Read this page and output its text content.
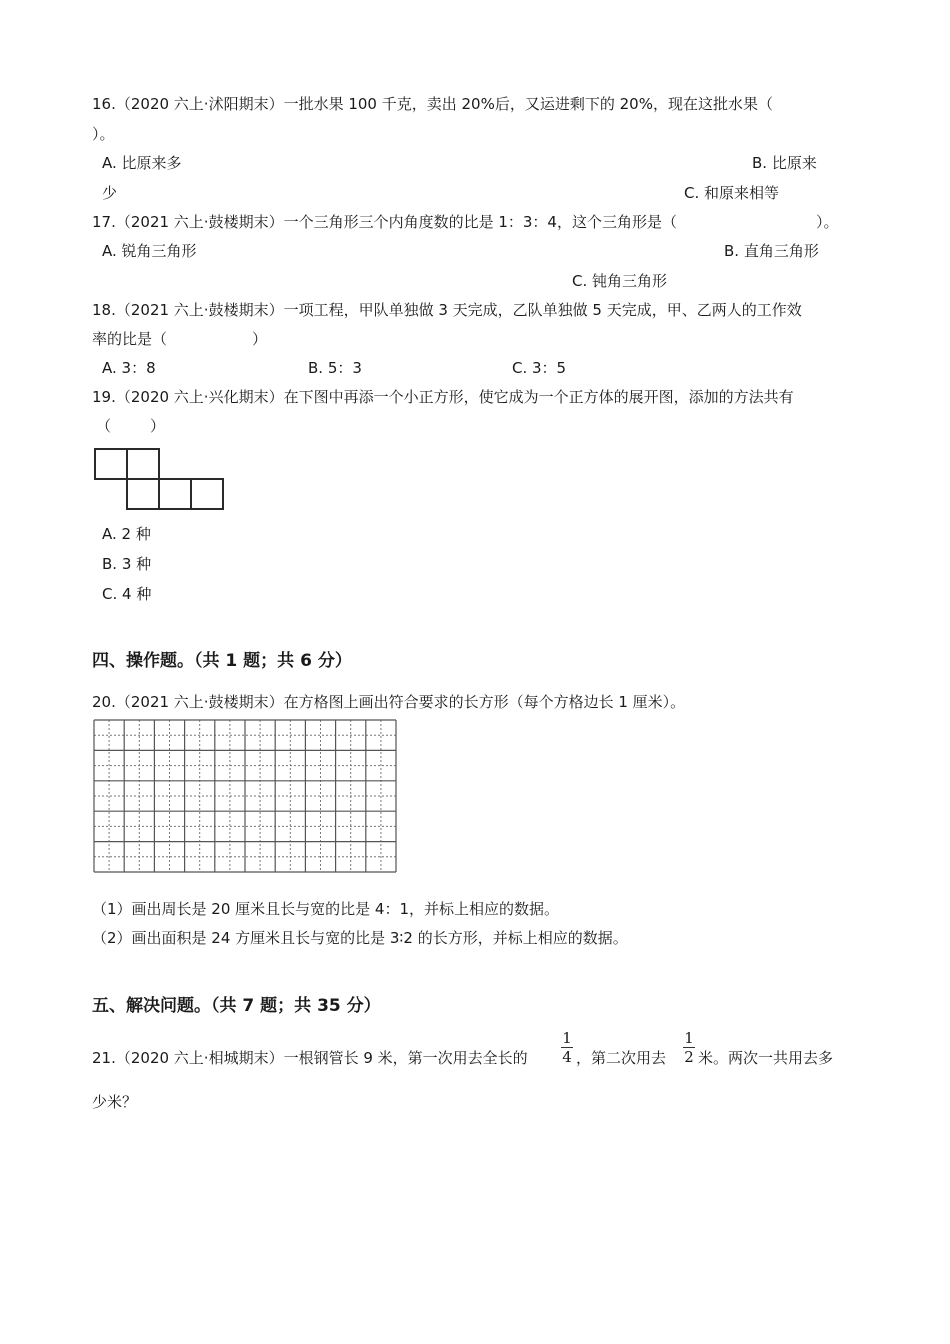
16.（2020 六上·沭阳期末）一批水果 100 千克，卖出 20%后，又运进剩下的 20%，现在这批水果（
）。
A. 比原来多	B. 比原来
少	C. 和原来相等
17.（2021 六上·鼓楼期末）一个三角形三个内角度数的比是 1：3：4，这个三角形是（	）。
A. 锐角三角形	B. 直角三角形
C. 钝角三角形
18.（2021 六上·鼓楼期末）一项工程，甲队单独做 3 天完成，乙队单独做 5 天完成，甲、乙两人的工作效
率的比是（	）
A. 3：8	B. 5：3	C. 3：5
19.（2020 六上·兴化期末）在下图中再添一个小正方形，使它成为一个正方体的展开图，添加的方法共有
（	）
A. 2 种
B. 3 种
C. 4 种
四、操作题。（共 1 题；共 6 分）
20.（2021 六上·鼓楼期末）在方格图上画出符合要求的长方形（每个方格边长 1 厘米）。
（1）画出周长是 20 厘米且长与宽的比是 4：1，并标上相应的数据。
（2）画出面积是 24 方厘米且长与宽的比是 3∶2 的长方形，并标上相应的数据。
五、解决问题。（共 7 题；共 35 分）
21.（2020 六上·相城期末）一根钢管长 9 米，第一次用去全长的
1
4 ，第二次用去
1
2 米。两次一共用去多
少米？
